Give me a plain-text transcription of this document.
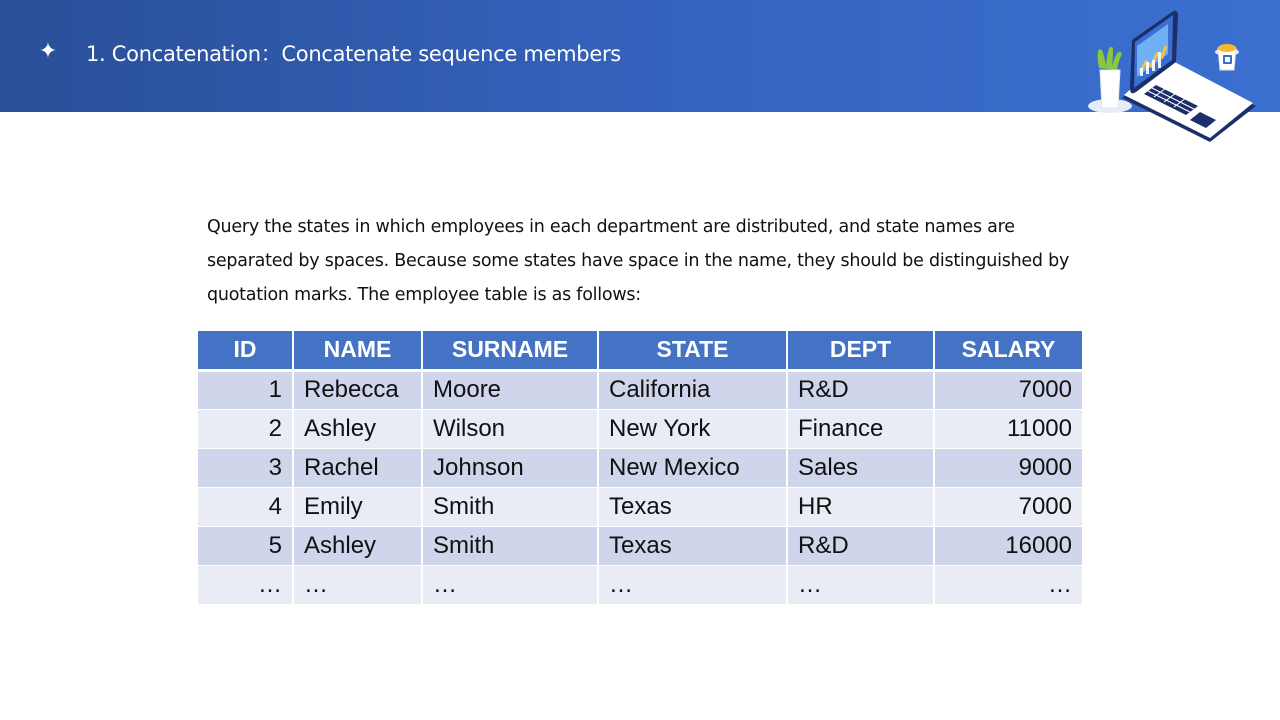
✦ 1. Concatenation：Concatenate sequence members

Query the states in which employees in each department are distributed, and state names are separated by spaces. Because some states have space in the name, they should be distinguished by quotation marks. The employee table is as follows:

ID	NAME	SURNAME	STATE	DEPT	SALARY
1	Rebecca	Moore	California	R&D	7000
2	Ashley	Wilson	New York	Finance	11000
3	Rachel	Johnson	New Mexico	Sales	9000
4	Emily	Smith	Texas	HR	7000
5	Ashley	Smith	Texas	R&D	16000
…	…	…	…	…	…
